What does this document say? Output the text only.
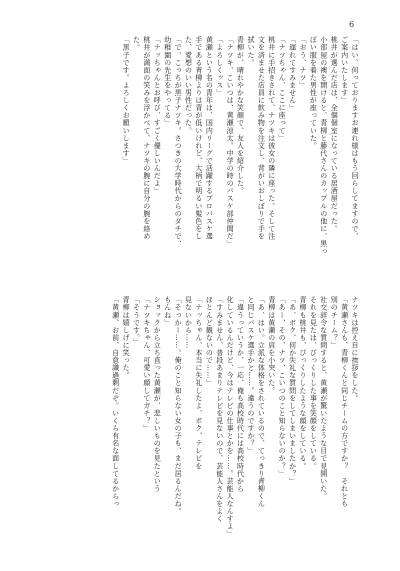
6
「はい、何っておりますお連れ様はもう回らしてますので、
ご案内いたします」
桃井が選んだ店は、全個個室になっている居酒屋だった。
小部屋の襖を開けると、青柳と藤代さんのカップルの他に、黒っ
ぽい服を着た男性が座っていた。
「おう、ナツ」
「遅れてすみません」
「ナツちゃん、ここに座って」
桃井に手招きされて、ナツキは彼女の隣に座った。そして注
文を済ませた店員に飲み物を注文し、背がいおしぼりで手を
拭いた。
青柳が、晴れやかな笑顔で、友人を紹介した。
「ナツキ、こいつは、黄瀬涼太。中学の時のバスケ部仲間だ」
「よろしくッス」
黄瀬という名の青年は、国内リーグで活躍するプロバスケ選
手である青柳よりは背が低いけれど、大柄で明るい髪色をし
た、愛想のいい男性だった。
「で、こっちが黒子ナツキ。さつきの大学時代からのダチで、
幼稚園の先生をやってる」
「ナッちゃんとお呼び、すごく優しいんだよ」
桃井が満面の笑みを浮かべて、ナツキの腕に自分の腕を絡め
た。
「黒子です。よろしくお願いします」
ナツキは控え目に挨拶をした。
「黄瀬さんも、青柳くんと同じチームの方ですか？　それとも
別のチーム？」
社交辞令な質問すると、黄瀬が驚いたような目で見開いた。
それを見たは、びっくりした事を笑顔をしている。
青柳も桃井も、びっくりしたような顔をしている。
「あ、ボク、何か失礼な質問をしてしまいましたか？」
「あー、その、ナツ、こいつのこと知らないのか？」
青柳は黄瀬の肩を小突いた。
「あ、はい。立派な体格をされているので、てっきり青柳くん
と同じバスケ選手かと……。違うのですか？」
「違うっていうか、一応、俺も高校時代には高校時代から
化しているんだけど、今はテレビの仕事とかを……。芸能人なんすよ」
「すみません、普段あまりテレビを見ないので、芸能人さんをよく
ほとんど観ないので……」
「ナッちゃん、本当に失礼したよ、ボク、テレビを
見ないから……
「そっかー……。俺のこと知らない女の子も、まだ居るんだね。
もんね」
ショックから立ち直った黄瀬が、悲しいものを見たという
「ナツキちゃん、可愛い顔してガチ？」
「そうです。」
青柳は嬉しげに笑った。
「黄瀬、お前、自意識過剰だぞ。いくら有名な面してるからっ
